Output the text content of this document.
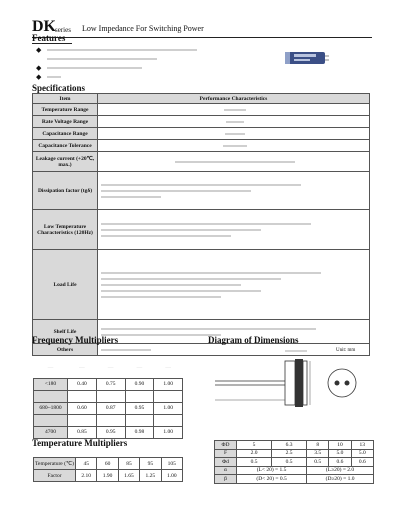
DK series Low Impedance For Switching Power
Features
◆
◆
◆
Specifications
Item	Performance Characteristics
Temperature Range	
Rate Voltage Range	
Capacitance Range	
Capacitance Tolerance	
Leakage current (+20℃, max.)	
Dissipation factor (tgδ)	

Low Temperature Characteristics (120Hz)	

Load Life	

Shelf Life	

Others	
Frequency Multipliers
—	—	—	—	—
<180	0.40	0.75	0.90	1.00

680~1800	0.60	0.87	0.95	1.00

4700	0.85	0.95	0.98	1.00
Diagram of Dimensions
Unit: mm
Temperature Multipliers
Temperature (℃)	45	60	85	95	105
Factor	2.10	1.90	1.65	1.25	1.00
ΦD	5	6.3	8	10	13
F	2.0	2.5	3.5	5.0	5.0
Φd	0.5	0.5	0.5	0.6	0.6
α	(L< 20) = 1.5		(L≥20) = 2.0		
β	(D< 20) = 0.5		(D≥20) = 1.0		
